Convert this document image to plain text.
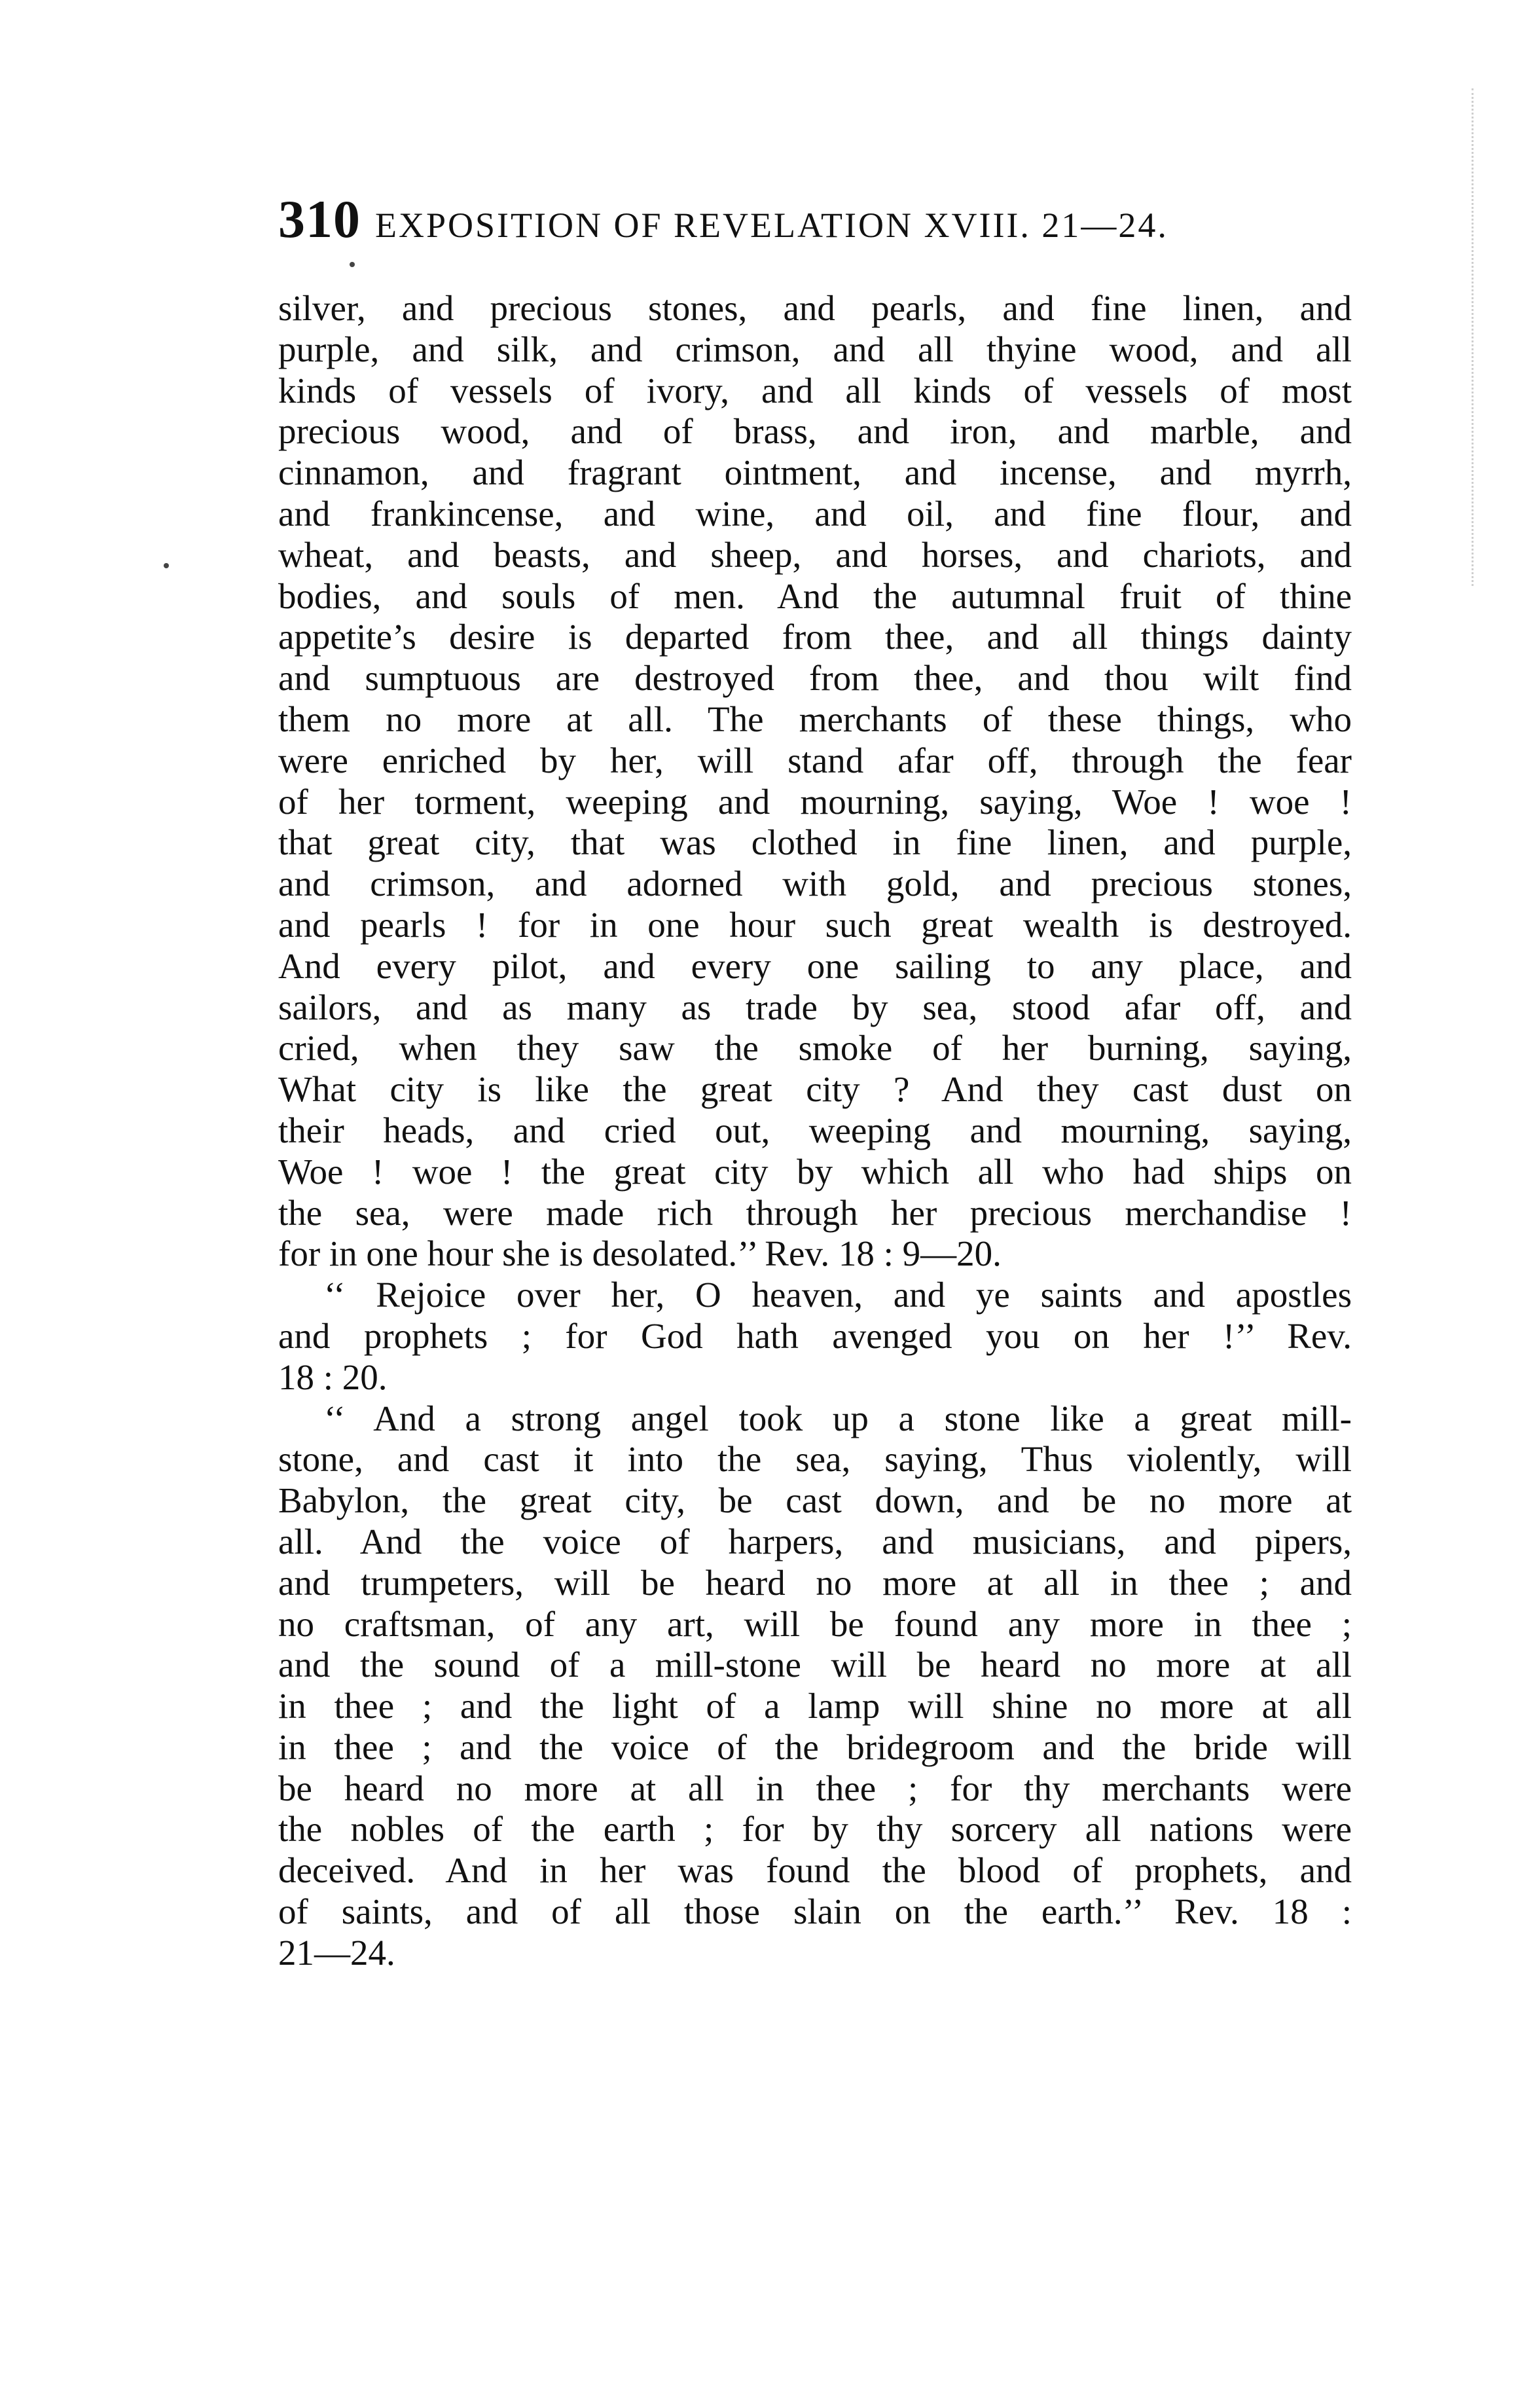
310 EXPOSITION OF REVELATION XVIII. 21—24.
silver, and precious stones, and pearls, and fine linen, and
purple, and silk, and crimson, and all thyine wood, and all
kinds of vessels of ivory, and all kinds of vessels of most
precious wood, and of brass, and iron, and marble, and
cinnamon, and fragrant ointment, and incense, and myrrh,
and frankincense, and wine, and oil, and fine flour, and
wheat, and beasts, and sheep, and horses, and chariots, and
bodies, and souls of men. And the autumnal fruit of thine
appetite’s desire is departed from thee, and all things dainty
and sumptuous are destroyed from thee, and thou wilt find
them no more at all. The merchants of these things, who
were enriched by her, will stand afar off, through the fear
of her torment, weeping and mourning, saying, Woe ! woe !
that great city, that was clothed in fine linen, and purple,
and crimson, and adorned with gold, and precious stones,
and pearls ! for in one hour such great wealth is destroyed.
And every pilot, and every one sailing to any place, and
sailors, and as many as trade by sea, stood afar off, and
cried, when they saw the smoke of her burning, saying,
What city is like the great city ? And they cast dust on
their heads, and cried out, weeping and mourning, saying,
Woe ! woe ! the great city by which all who had ships on
the sea, were made rich through her precious merchandise !
for in one hour she is desolated.’’ Rev. 18 : 9—20.
‘‘ Rejoice over her, O heaven, and ye saints and apostles
and prophets ; for God hath avenged you on her !’’ Rev.
18 : 20.
‘‘ And a strong angel took up a stone like a great mill-
stone, and cast it into the sea, saying, Thus violently, will
Babylon, the great city, be cast down, and be no more at
all. And the voice of harpers, and musicians, and pipers,
and trumpeters, will be heard no more at all in thee ; and
no craftsman, of any art, will be found any more in thee ;
and the sound of a mill-stone will be heard no more at all
in thee ; and the light of a lamp will shine no more at all
in thee ; and the voice of the bridegroom and the bride will
be heard no more at all in thee ; for thy merchants were
the nobles of the earth ; for by thy sorcery all nations were
deceived. And in her was found the blood of prophets, and
of saints, and of all those slain on the earth.’’ Rev. 18 :
21—24.
